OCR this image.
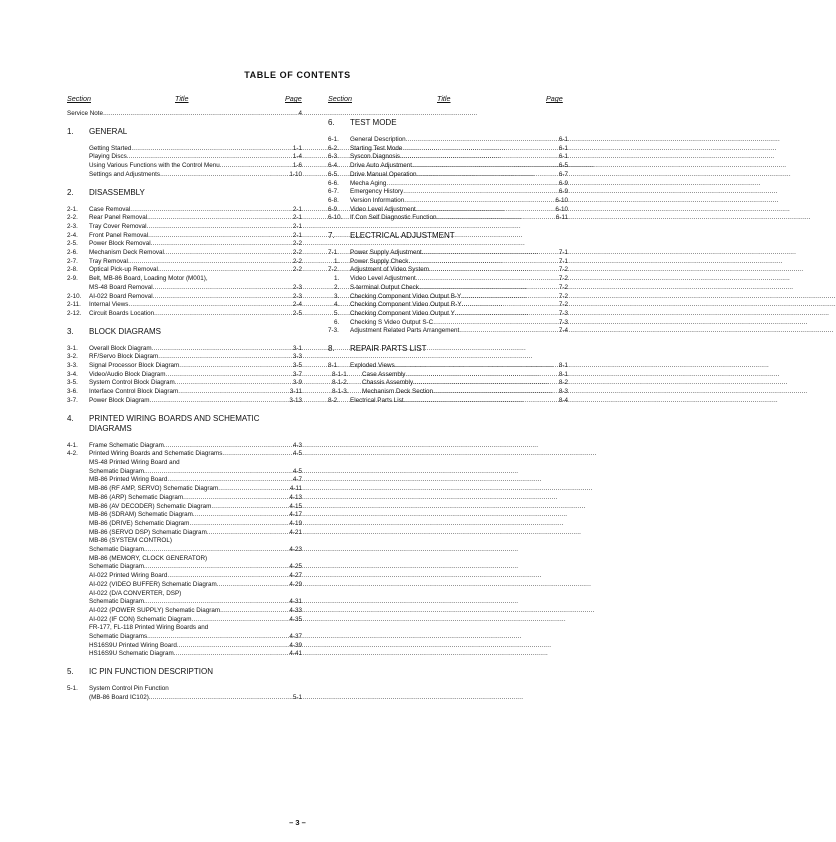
TABLE OF CONTENTS
Section	Title	Page	Section	Title	Page
Service Note .....	4
1.	GENERAL
Getting Started .....	1-1
Playing Discs .....	1-4
Using Various Functions with the Control Menu .....	1-6
Settings and Adjustments .....	1-10
2.	DISASSEMBLY
2-1.	Case Removal .....	2-1
2-2.	Rear Panel Removal .....	2-1
2-3.	Tray Cover Removal .....	2-1
2-4.	Front Panel Removal .....	2-1
2-5.	Power Block Removal .....	2-2
2-6.	Mechanism Deck Removal .....	2-2
2-7.	Tray Removal .....	2-2
2-8.	Optical Pick-up Removal .....	2-2
2-9.	Belt, MB-86 Board, Loading Motor (M001),
MS-48 Board Removal .....	2-3
2-10.	AI-022 Board Removal .....	2-3
2-11.	Internal Views .....	2-4
2-12.	Circuit Boards Location .....	2-5
3.	BLOCK DIAGRAMS
3-1.	Overall Block Diagram .....	3-1
3-2.	RF/Servo Block Diagram .....	3-3
3-3.	Signal Processor Block Diagram .....	3-5
3-4.	Video/Audio Block Diagram .....	3-7
3-5.	System Control Block Diagram .....	3-9
3-6.	Interface Control Block Diagram .....	3-11
3-7.	Power Block Diagram .....	3-13
4.	PRINTED WIRING BOARDS AND SCHEMATIC DIAGRAMS
4-1.	Frame Schematic Diagram .....	4-3
4-2.	Printed Wiring Boards and Schematic Diagrams .....	4-5
MS-48 Printed Wiring Board and
Schematic Diagram .....	4-5
MB-86 Printed Wiring Board .....	4-7
MB-86 (RF AMP, SERVO) Schematic Diagram .....	4-11
MB-86 (ARP) Schematic Diagram .....	4-13
MB-86 (AV DECODER) Schematic Diagram .....	4-15
MB-86 (SDRAM) Schematic Diagram .....	4-17
MB-86 (DRIVE) Schematic Diagram .....	4-19
MB-86 (SERVO DSP) Schematic Diagram .....	4-21
MB-86 (SYSTEM CONTROL)
Schematic Diagram .....	4-23
MB-86 (MEMORY, CLOCK GENERATOR)
Schematic Diagram .....	4-25
AI-022 Printed Wiring Board .....	4-27
AI-022 (VIDEO BUFFER) Schematic Diagram .....	4-29
AI-022 (D/A CONVERTER, DSP)
Schematic Diagram .....	4-31
AI-022 (POWER SUPPLY) Schematic Diagram .....	4-33
AI-022 (IF CON) Schematic Diagram .....	4-35
FR-177, FL-118 Printed Wiring Boards and
Schematic Diagrams .....	4-37
HS16S9U Printed Wiring Board .....	4-39
HS16S9U Schematic Diagram .....	4-41
5.	IC PIN FUNCTION DESCRIPTION
5-1.	System Control Pin Function
(MB-86 Board IC102) .....	5-1
6.	TEST MODE
6-1.	General Description .....	6-1
6-2.	Starting Test Mode .....	6-1
6-3.	Syscon Diagnosis .....	6-1
6-4.	Drive Auto Adjustment .....	6-5
6-5.	Drive Manual Operation .....	6-7
6-6.	Mecha Aging .....	6-9
6-7.	Emergency History .....	6-9
6-8.	Version Information .....	6-10
6-9.	Video Level Adjustment .....	6-10
6-10.	If Con Self Diagnostic Function .....	6-11
7.	ELECTRICAL ADJUSTMENT
7-1.	Power Supply Adjustment .....	7-1
1.	Power Supply Check .....	7-1
7-2.	Adjustment of Video System .....	7-2
1.	Video Level Adjustment .....	7-2
2.	S-terminal Output Check .....	7-2
3.	Checking Component Video Output B-Y .....	7-2
4.	Checking Component Video Output R-Y .....	7-2
5.	Checking Component Video Output Y .....	7-3
6.	Checking S Video Output S-C .....	7-3
7-3.	Adjustment Related Parts Arrangement .....	7-4
8.	REPAIR PARTS LIST
8-1.	Exploded Views .....	8-1
8-1-1.	Case Assembly .....	8-1
8-1-2.	Chassis Assembly .....	8-2
8-1-3.	Mechanism Deck Section .....	8-3
8-2.	Electrical Parts List .....	8-4
– 3 –
